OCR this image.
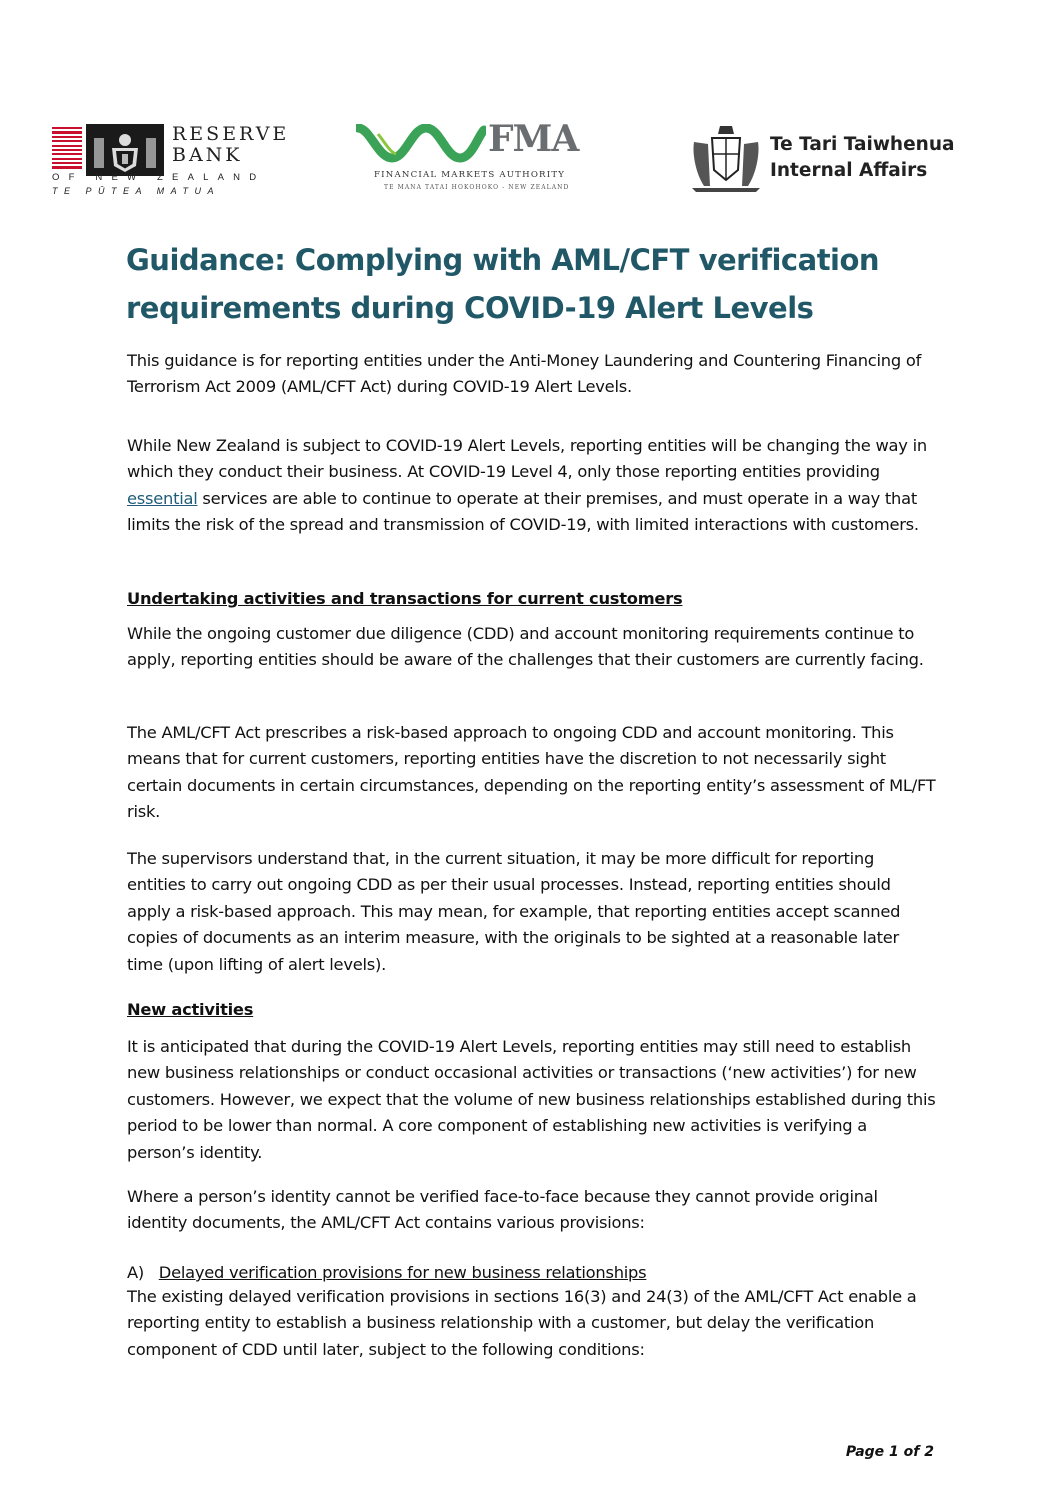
RESERVE
BANK
OF NEW ZEALAND
TE PŪTEA MATUA
FMA
FINANCIAL MARKETS AUTHORITY
TE MANA TATAI HOKOHOKO - NEW ZEALAND
Te Tari Taiwhenua
Internal Affairs
Guidance: Complying with AML/CFT verification requirements during COVID-19 Alert Levels

This guidance is for reporting entities under the Anti-Money Laundering and Countering Financing of Terrorism Act 2009 (AML/CFT Act) during COVID-19 Alert Levels.

While New Zealand is subject to COVID-19 Alert Levels, reporting entities will be changing the way in which they conduct their business. At COVID-19 Level 4, only those reporting entities providing essential services are able to continue to operate at their premises, and must operate in a way that limits the risk of the spread and transmission of COVID-19, with limited interactions with customers.

Undertaking activities and transactions for current customers

While the ongoing customer due diligence (CDD) and account monitoring requirements continue to apply, reporting entities should be aware of the challenges that their customers are currently facing.

The AML/CFT Act prescribes a risk-based approach to ongoing CDD and account monitoring. This means that for current customers, reporting entities have the discretion to not necessarily sight certain documents in certain circumstances, depending on the reporting entity’s assessment of ML/FT risk.

The supervisors understand that, in the current situation, it may be more difficult for reporting entities to carry out ongoing CDD as per their usual processes. Instead, reporting entities should apply a risk-based approach. This may mean, for example, that reporting entities accept scanned copies of documents as an interim measure, with the originals to be sighted at a reasonable later time (upon lifting of alert levels).

New activities

It is anticipated that during the COVID-19 Alert Levels, reporting entities may still need to establish new business relationships or conduct occasional activities or transactions (‘new activities’) for new customers. However, we expect that the volume of new business relationships established during this period to be lower than normal. A core component of establishing new activities is verifying a person’s identity.

Where a person’s identity cannot be verified face-to-face because they cannot provide original identity documents, the AML/CFT Act contains various provisions:

A) Delayed verification provisions for new business relationships

The existing delayed verification provisions in sections 16(3) and 24(3) of the AML/CFT Act enable a reporting entity to establish a business relationship with a customer, but delay the verification component of CDD until later, subject to the following conditions:

Page 1 of 2
